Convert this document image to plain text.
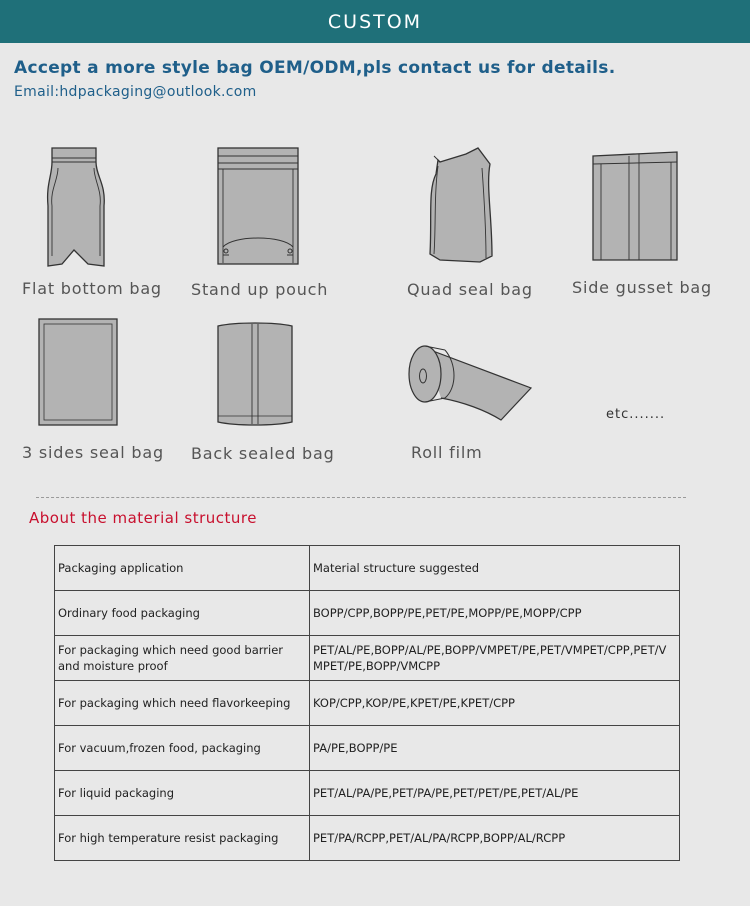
CUSTOM
Accept a more style bag OEM/ODM,pls contact us for details.
Email:hdpackaging@outlook.com
Flat bottom bag Stand up pouch	Quad seal bag Side gusset bag
3 sides seal bag Back sealed bag	Roll film
etc.......
About the material structure
Packaging application	Material structure suggested
Ordinary food packaging	BOPP/CPP,BOPP/PE,PET/PE,MOPP/PE,MOPP/CPP
For packaging which need good barrier and moisture proof	PET/AL/PE,BOPP/AL/PE,BOPP/VMPET/PE,PET/VMPET/CPP,PET/VMPET/PE,BOPP/VMCPP
For packaging which need flavorkeeping	KOP/CPP,KOP/PE,KPET/PE,KPET/CPP
For vacuum,frozen food, packaging	PA/PE,BOPP/PE
For liquid packaging	PET/AL/PA/PE,PET/PA/PE,PET/PET/PE,PET/AL/PE
For high temperature resist packaging	PET/PA/RCPP,PET/AL/PA/RCPP,BOPP/AL/RCPP
